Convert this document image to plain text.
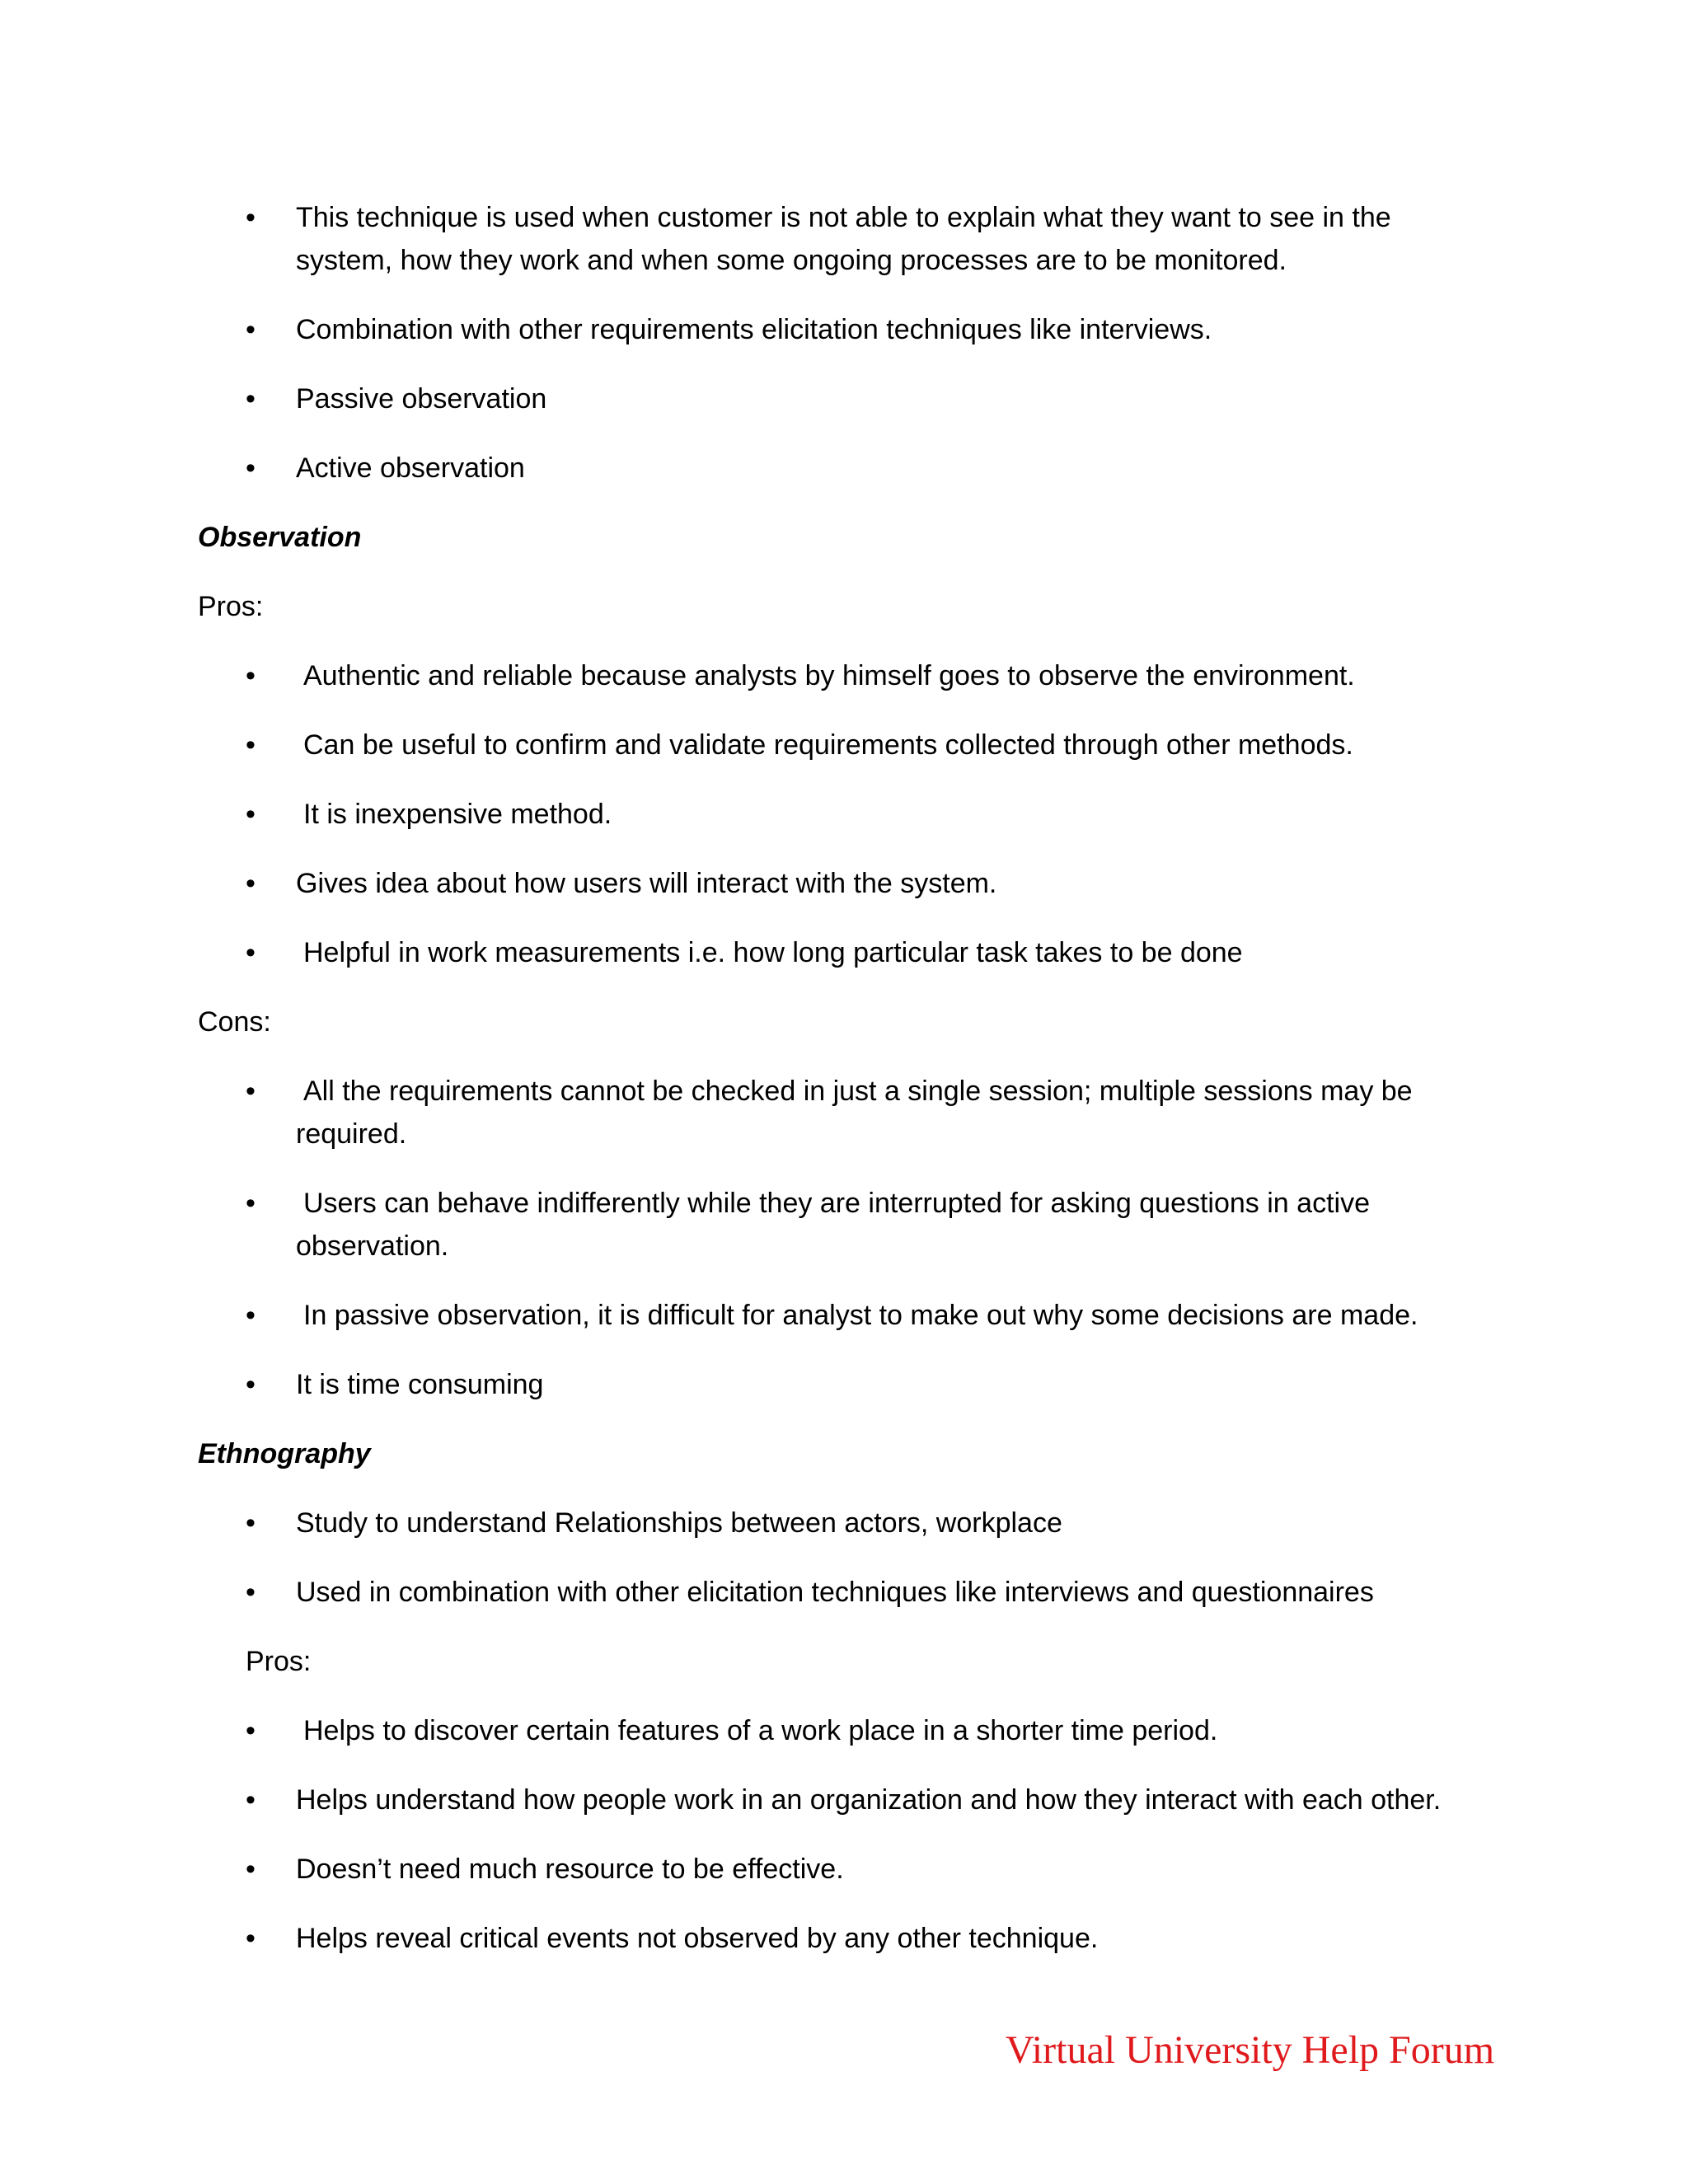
• This technique is used when customer is not able to explain what they want to see in the system, how they work and when some ongoing processes are to be monitored.
• Combination with other requirements elicitation techniques like interviews.
• Passive observation
• Active observation
Observation
Pros:
• Authentic and reliable because analysts by himself goes to observe the environment.
• Can be useful to confirm and validate requirements collected through other methods.
• It is inexpensive method.
• Gives idea about how users will interact with the system.
• Helpful in work measurements i.e. how long particular task takes to be done
Cons:
• All the requirements cannot be checked in just a single session; multiple sessions may be required.
• Users can behave indifferently while they are interrupted for asking questions in active observation.
• In passive observation, it is difficult for analyst to make out why some decisions are made.
• It is time consuming
Ethnography
• Study to understand Relationships between actors, workplace
• Used in combination with other elicitation techniques like interviews and questionnaires
Pros:
• Helps to discover certain features of a work place in a shorter time period.
• Helps understand how people work in an organization and how they interact with each other.
• Doesn’t need much resource to be effective.
• Helps reveal critical events not observed by any other technique.
Virtual University Help Forum
